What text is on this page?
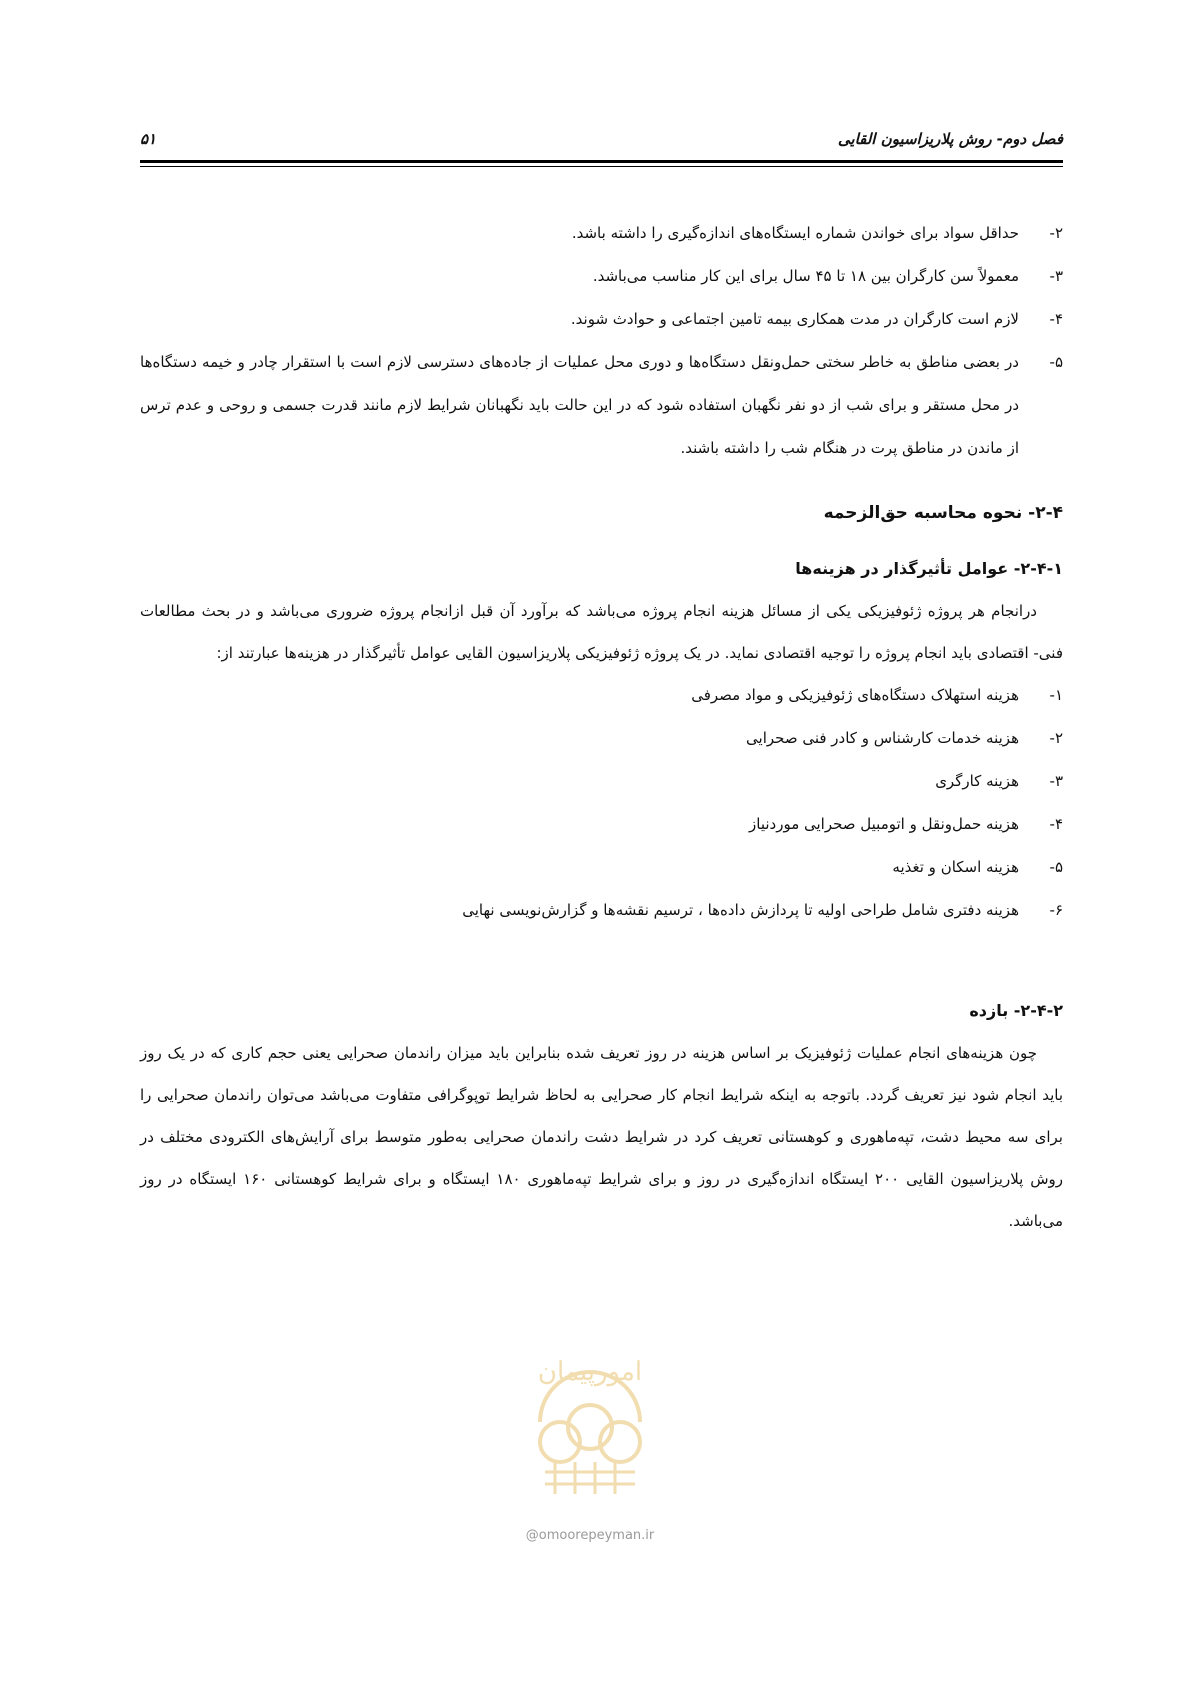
فصل دوم- روش پلاریزاسیون القایی
۵۱
۲-
حداقل سواد برای خواندن شماره ایستگاه‌های اندازه‌گیری را داشته باشد.
۳-
معمولاً سن کارگران بین ۱۸ تا ۴۵ سال برای این کار مناسب می‌باشد.
۴-
لازم است کارگران در مدت همکاری بیمه تامین اجتماعی و حوادث شوند.
۵-
در بعضی مناطق به خاطر سختی حمل‌ونقل دستگاه‌ها و دوری محل عملیات از جاده‌های دسترسی لازم است با استقرار چادر و خیمه دستگاه‌ها در محل مستقر و برای شب از دو نفر نگهبان استفاده شود که در این حالت باید نگهبانان شرایط لازم مانند قدرت جسمی و روحی و عدم ترس از ماندن در مناطق پرت در هنگام شب را داشته باشند.
۲-۴- نحوه محاسبه حق‌الزحمه
۲-۴-۱- عوامل تأثیرگذار در هزینه‌ها
درانجام هر پروژه ژئوفیزیکی یکی از مسائل هزینه انجام پروژه می‌باشد که برآورد آن قبل ازانجام پروژه ضروری می‌باشد و در بحث مطالعات فنی- اقتصادی باید انجام پروژه را توجیه اقتصادی نماید. در یک پروژه ژئوفیزیکی پلاریزاسیون القایی عوامل تأثیرگذار در هزینه‌ها عبارتند از:
۱-
هزینه استهلاک دستگاه‌های ژئوفیزیکی و مواد مصرفی
۲-
هزینه خدمات کارشناس و کادر فنی صحرایی
۳-
هزینه کارگری
۴-
هزینه حمل‌ونقل و اتومبیل صحرایی موردنیاز
۵-
هزینه اسکان و تغذیه
۶-
هزینه دفتری شامل طراحی اولیه تا پردازش داده‌ها ، ترسیم نقشه‌ها و گزارش‌نویسی نهایی
۲-۴-۲- بازده
چون هزینه‌های انجام عملیات ژئوفیزیک بر اساس هزینه در روز تعریف شده بنابراین باید میزان راندمان صحرایی یعنی حجم کاری که در یک روز باید انجام شود نیز تعریف گردد. باتوجه به اینکه شرایط انجام کار صحرایی به لحاظ شرایط توپوگرافی متفاوت می‌باشد می‌توان راندمان صحرایی را برای سه محیط دشت، تپه‌ماهوری و کوهستانی تعریف کرد در شرایط دشت راندمان صحرایی به‌طور متوسط برای آرایش‌های الکترودی مختلف در روش پلاریزاسیون القایی ۲۰۰ ایستگاه اندازه‌گیری در روز و برای شرایط تپه‌ماهوری ۱۸۰ ایستگاه و برای شرایط کوهستانی ۱۶۰ ایستگاه در روز می‌باشد.
امورپیمان
@omoorepeyman.ir
